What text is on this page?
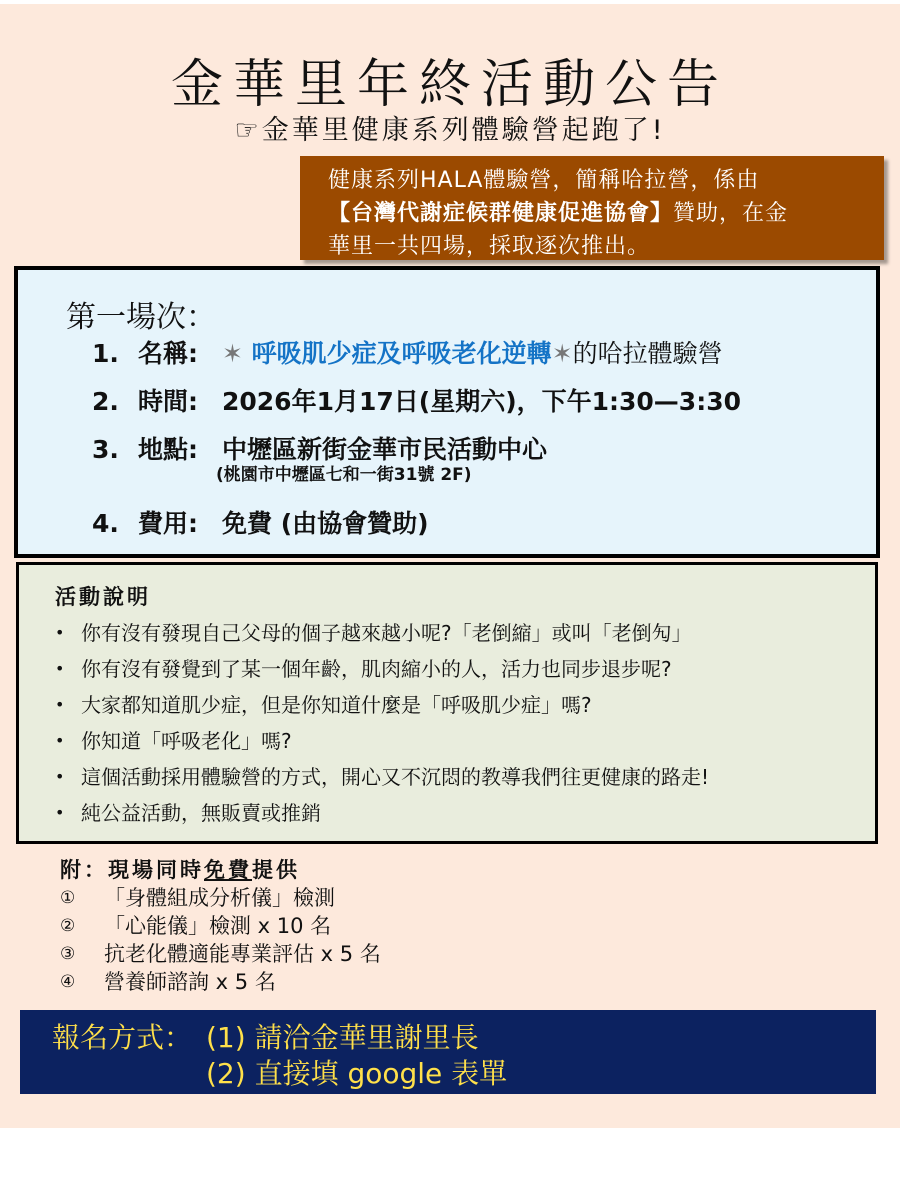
金華里年終活動公告
☞金華里健康系列體驗營起跑了!
健康系列HALA體驗營，簡稱哈拉營，係由
【台灣代謝症候群健康促進協會】贊助，在金
華里一共四場，採取逐次推出。
第一場次：
1. 名稱: ✶ 呼吸肌少症及呼吸老化逆轉✶的哈拉體驗營
2. 時間: 2026年1月17日(星期六)，下午1:30—3:30
3. 地點: 中壢區新街金華市民活動中心
4. 費用: 免費 (由協會贊助)
(桃園市中壢區七和一街31號 2F)
活動說明
• 你有沒有發現自己父母的個子越來越小呢?「老倒縮」或叫「老倒勼」
• 你有沒有發覺到了某一個年齡，肌肉縮小的人，活力也同步退步呢?
• 大家都知道肌少症，但是你知道什麼是「呼吸肌少症」嗎?
• 你知道「呼吸老化」嗎?
• 這個活動採用體驗營的方式，開心又不沉悶的教導我們往更健康的路走!
• 純公益活動，無販賣或推銷
附：現場同時免費提供
①	「身體組成分析儀」檢測
②	「心能儀」檢測 x 10 名
③	抗老化體適能專業評估 x 5 名
④	營養師諮詢 x 5 名
報名方式： (1) 請洽金華里謝里長
(2) 直接填 google 表單
